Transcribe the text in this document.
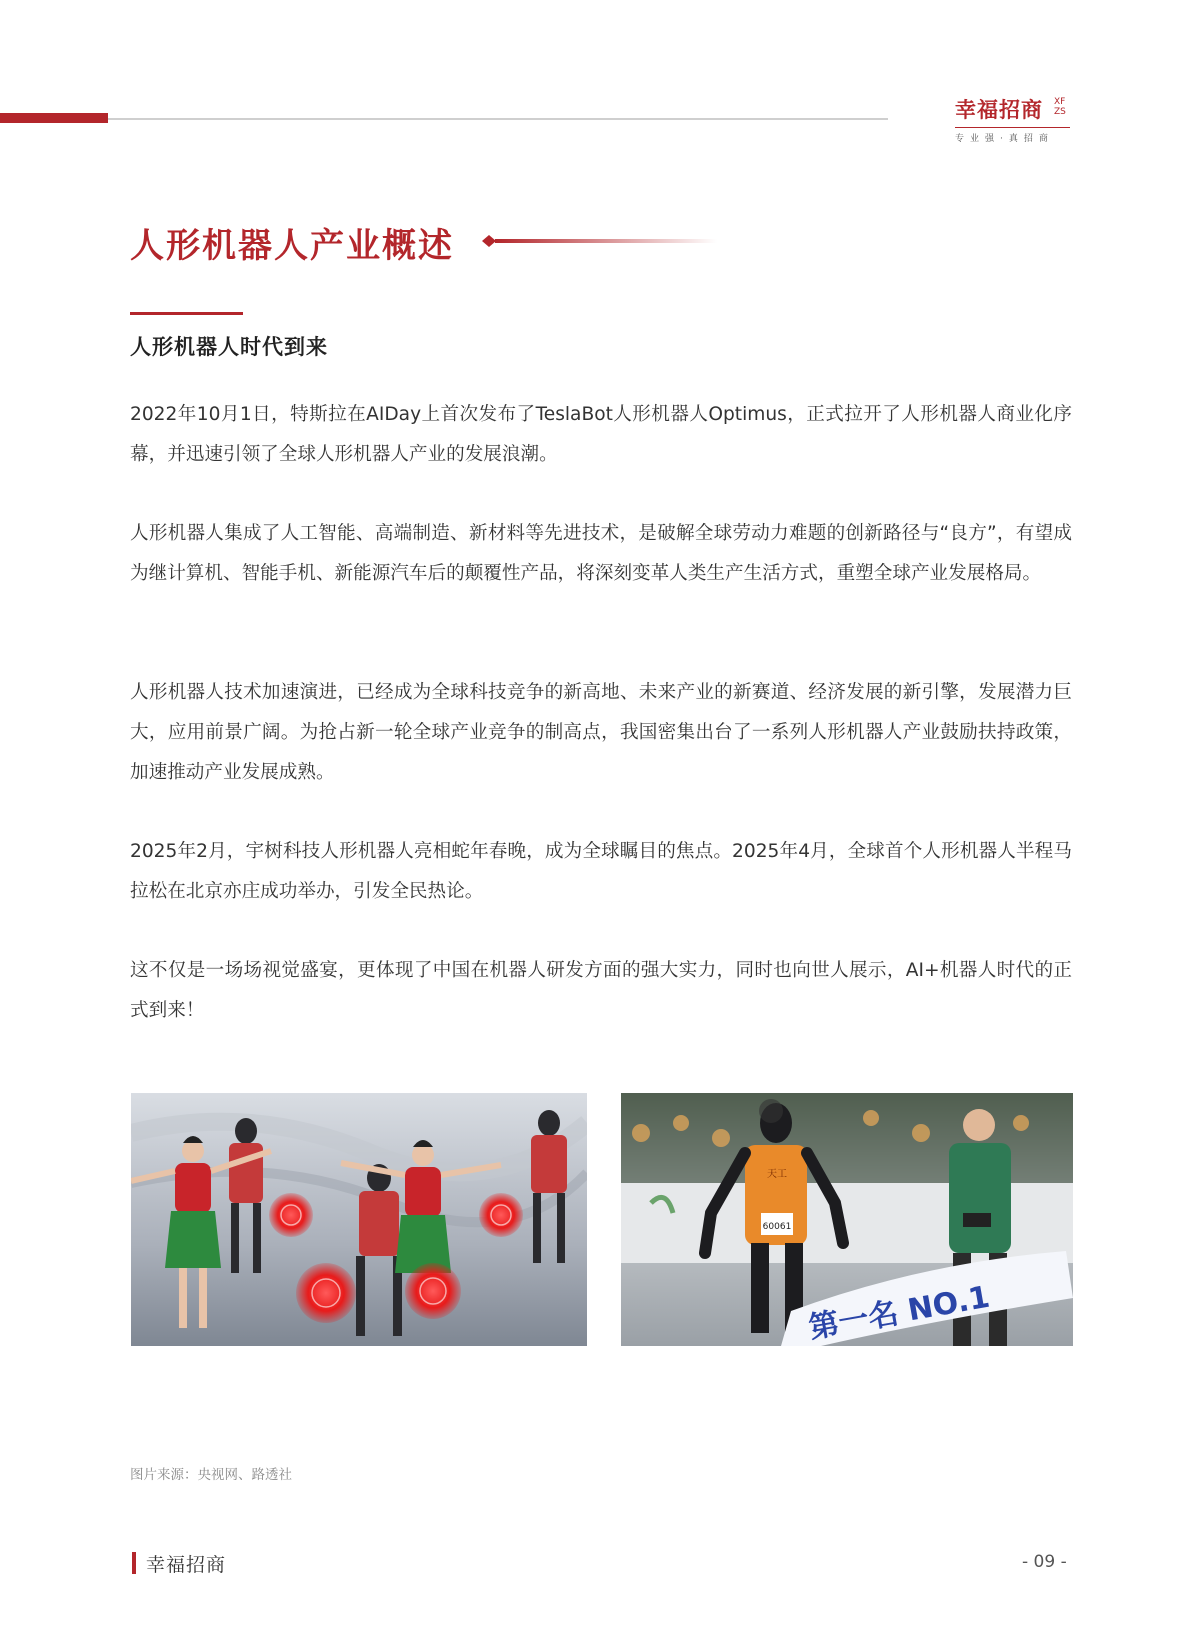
幸福招商	XF ZS
专业强·真招商
人形机器人产业概述
人形机器人时代到来
2022年10月1日，特斯拉在AIDay上首次发布了TeslaBot人形机器人Optimus，正式拉开了人形机器人商业化序幕，并迅速引领了全球人形机器人产业的发展浪潮。
人形机器人集成了人工智能、高端制造、新材料等先进技术，是破解全球劳动力难题的创新路径与“良方”，有望成为继计算机、智能手机、新能源汽车后的颠覆性产品，将深刻变革人类生产生活方式，重塑全球产业发展格局。
人形机器人技术加速演进，已经成为全球科技竞争的新高地、未来产业的新赛道、经济发展的新引擎，发展潜力巨大，应用前景广阔。为抢占新一轮全球产业竞争的制高点，我国密集出台了一系列人形机器人产业鼓励扶持政策，加速推动产业发展成熟。
2025年2月，宇树科技人形机器人亮相蛇年春晚，成为全球瞩目的焦点。2025年4月，全球首个人形机器人半程马拉松在北京亦庄成功举办，引发全民热论。
这不仅是一场场视觉盛宴，更体现了中国在机器人研发方面的强大实力，同时也向世人展示，AI+机器人时代的正式到来！
天工
60061
第一名 NO.1
图片来源：央视网、路透社
幸福招商	- 09 -
